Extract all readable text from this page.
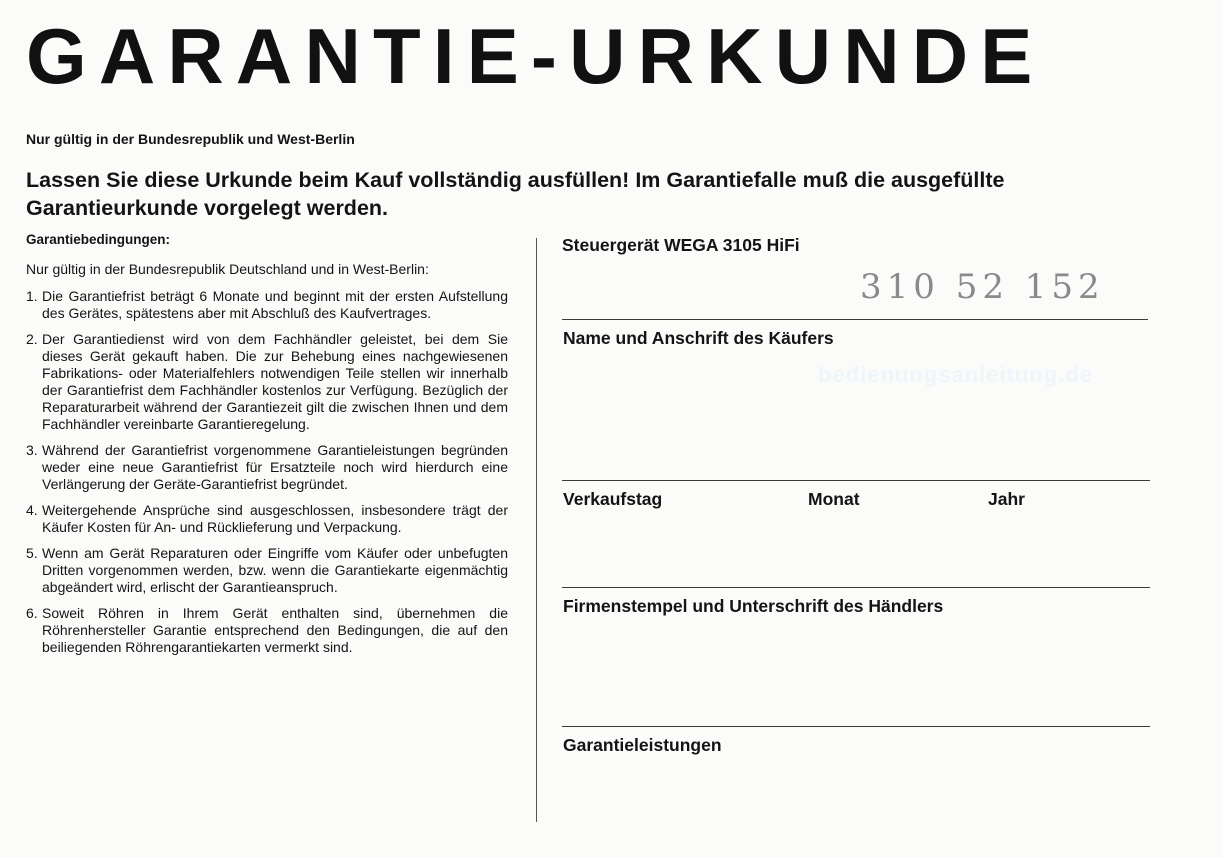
GARANTIE-URKUNDE
Nur gültig in der Bundesrepublik und West-Berlin
Lassen Sie diese Urkunde beim Kauf vollständig ausfüllen! Im Garantiefalle muß die ausgefüllte Garantieurkunde vorgelegt werden.
Garantiebedingungen:
Nur gültig in der Bundesrepublik Deutschland und in West-Berlin:
1. Die Garantiefrist beträgt 6 Monate und beginnt mit der ersten Aufstellung des Gerätes, spätestens aber mit Abschluß des Kaufvertrages.
2. Der Garantiedienst wird von dem Fachhändler geleistet, bei dem Sie dieses Gerät gekauft haben. Die zur Behebung eines nachgewiesenen Fabrikations- oder Materialfehlers notwendigen Teile stellen wir innerhalb der Garantiefrist dem Fachhändler kostenlos zur Verfügung. Bezüglich der Reparaturarbeit während der Garantiezeit gilt die zwischen Ihnen und dem Fachhändler vereinbarte Garantieregelung.
3. Während der Garantiefrist vorgenommene Garantieleistungen begründen weder eine neue Garantiefrist für Ersatzteile noch wird hierdurch eine Verlängerung der Geräte-Garantiefrist begründet.
4. Weitergehende Ansprüche sind ausgeschlossen, insbesondere trägt der Käufer Kosten für An- und Rücklieferung und Verpackung.
5. Wenn am Gerät Reparaturen oder Eingriffe vom Käufer oder unbefugten Dritten vorgenommen werden, bzw. wenn die Garantiekarte eigenmächtig abgeändert wird, erlischt der Garantieanspruch.
6. Soweit Röhren in Ihrem Gerät enthalten sind, übernehmen die Röhrenhersteller Garantie entsprechend den Bedingungen, die auf den beiliegenden Röhrengarantiekarten vermerkt sind.
Steuergerät WEGA 3105 HiFi
310 52 152
Name und Anschrift des Käufers
bedienungsanleitung.de
Verkaufstag	Monat	Jahr
Firmenstempel und Unterschrift des Händlers
Garantieleistungen
